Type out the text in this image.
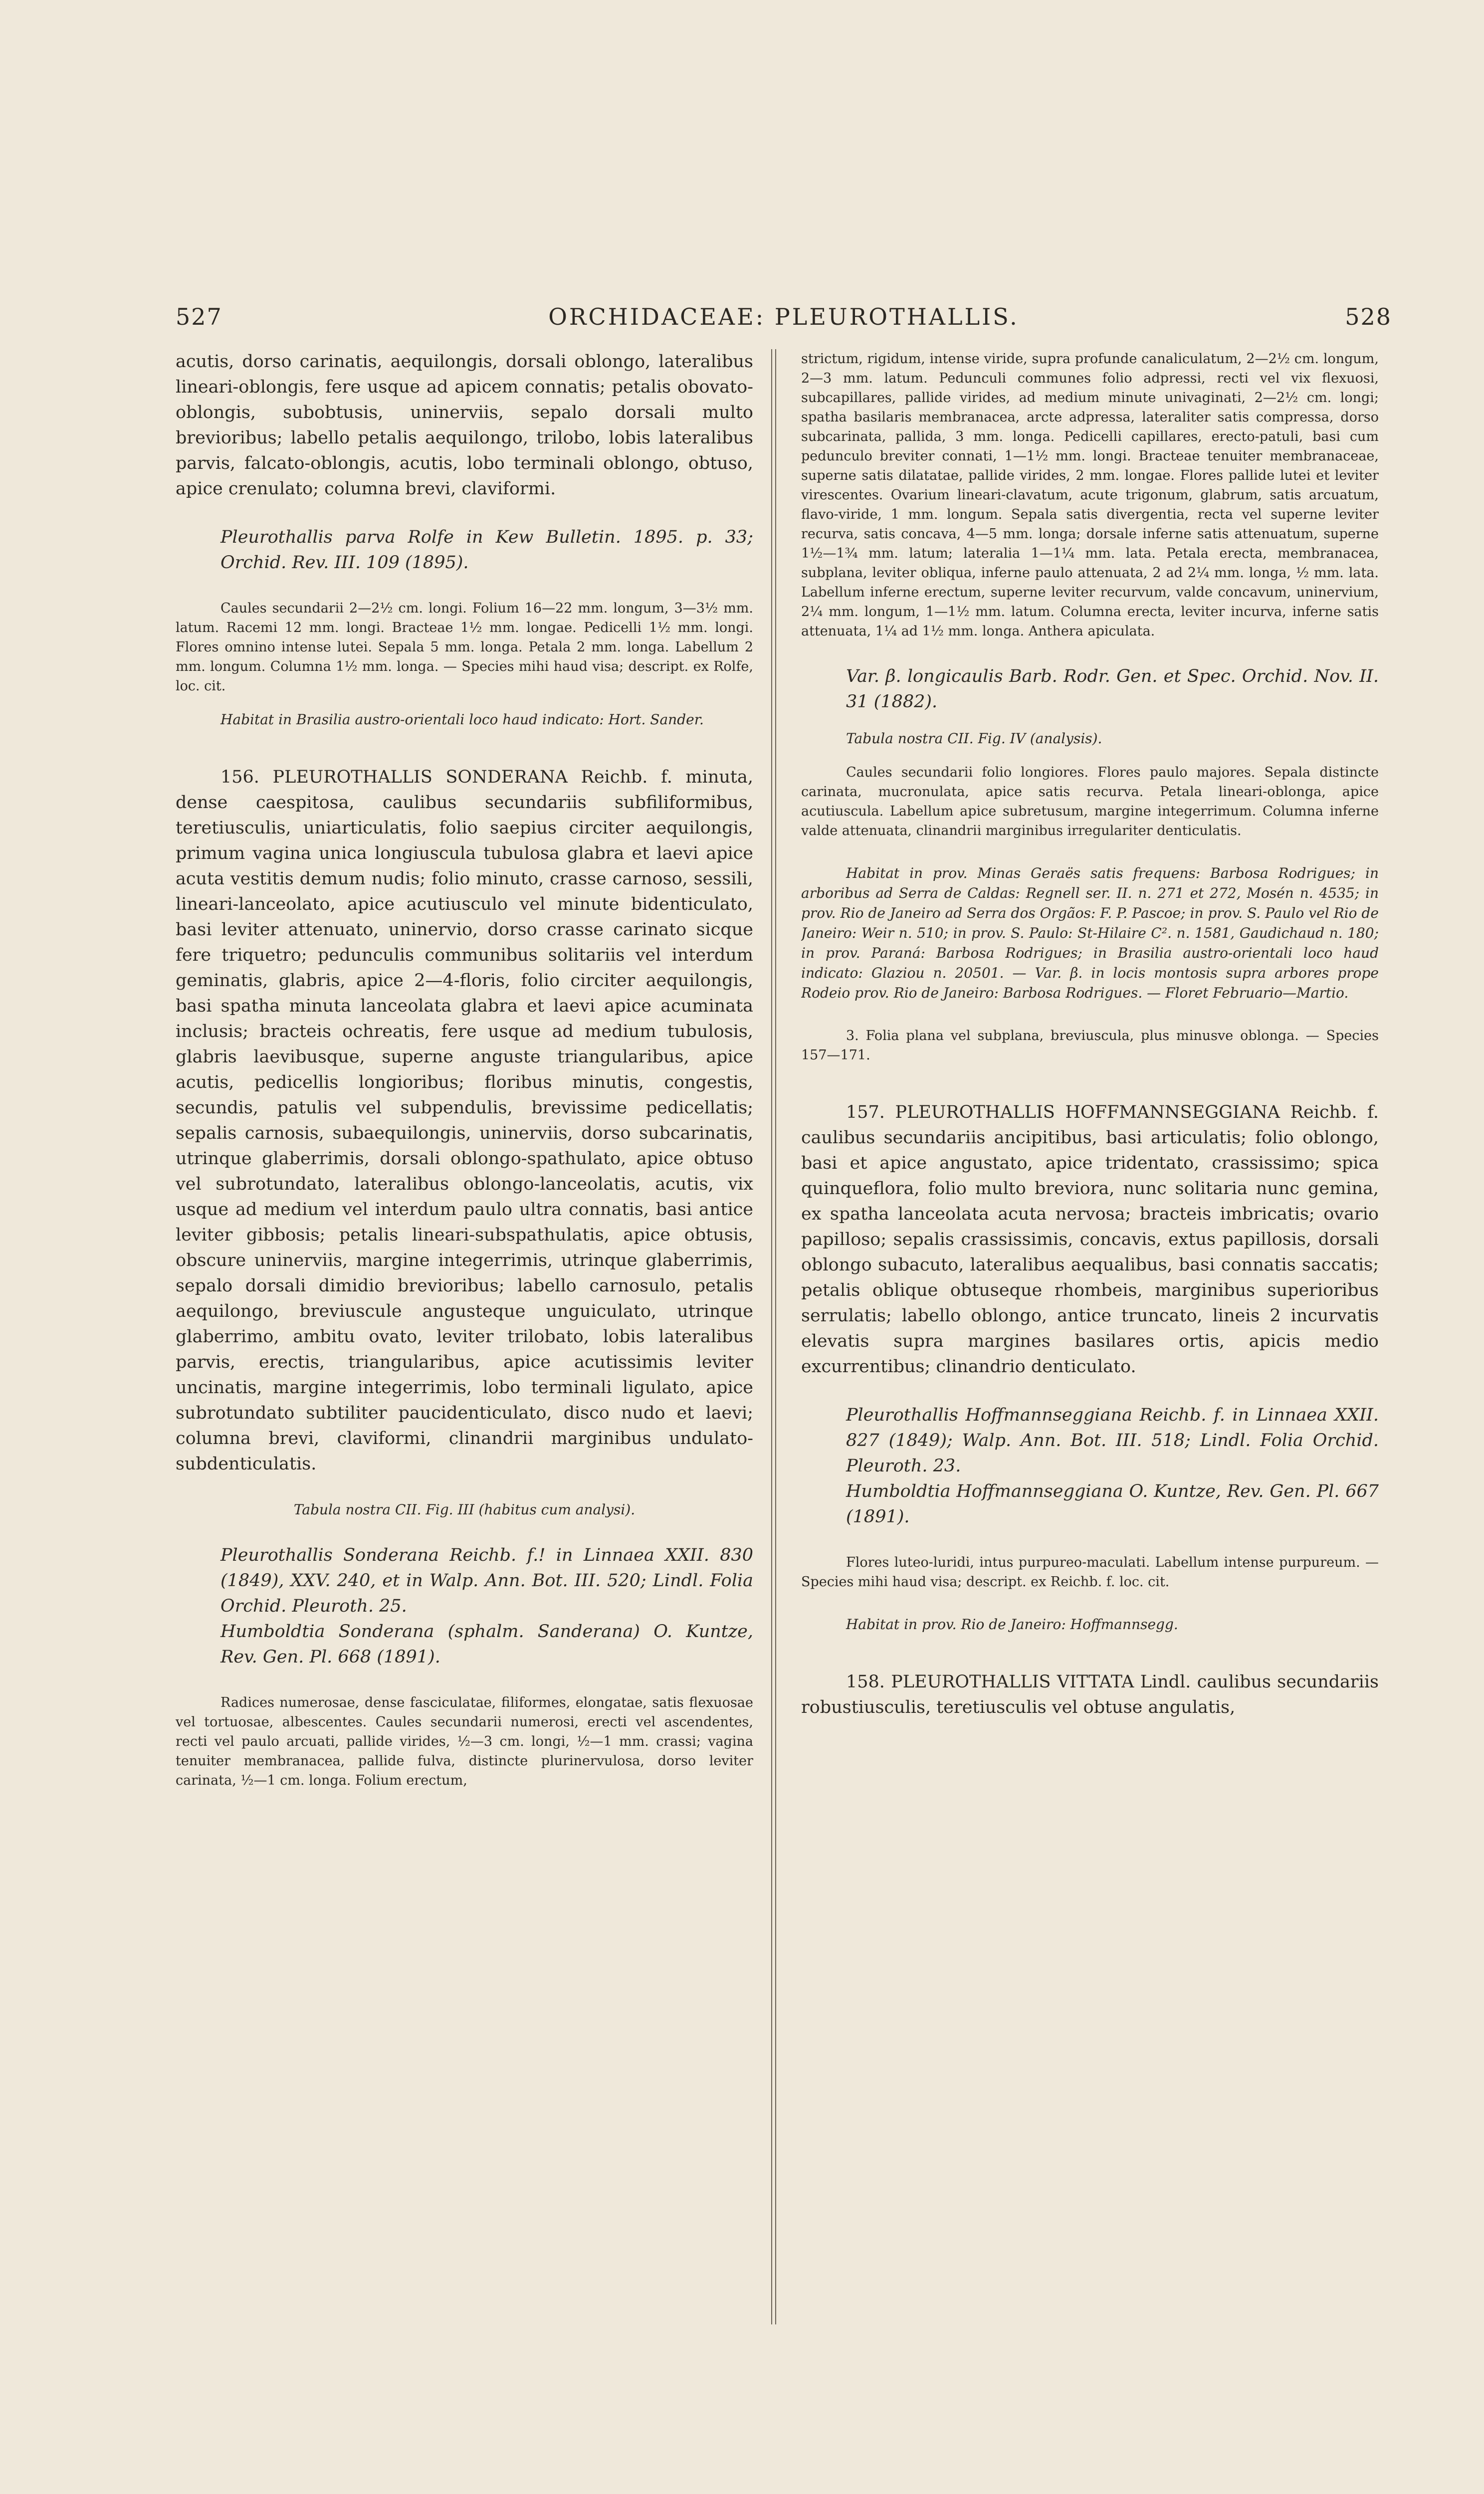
527	ORCHIDACEAE: PLEUROTHALLIS.	528

acutis, dorso carinatis, aequilongis, dorsali oblongo, lateralibus lineari-oblongis, fere usque ad apicem connatis; petalis obovato-oblongis, subobtusis, uninerviis, sepalo dorsali multo brevioribus; labello petalis aequilongo, trilobo, lobis lateralibus parvis, falcato-oblongis, acutis, lobo terminali oblongo, obtuso, apice crenulato; columna brevi, claviformi.

Pleurothallis parva Rolfe in Kew Bulletin. 1895. p. 33; Orchid. Rev. III. 109 (1895).

Caules secundarii 2—2½ cm. longi. Folium 16—22 mm. longum, 3—3½ mm. latum. Racemi 12 mm. longi. Bracteae 1½ mm. longae. Pedicelli 1½ mm. longi. Flores omnino intense lutei. Sepala 5 mm. longa. Petala 2 mm. longa. Labellum 2 mm. longum. Columna 1½ mm. longa. — Species mihi haud visa; descript. ex Rolfe, loc. cit.

Habitat in Brasilia austro-orientali loco haud indicato: Hort. Sander.

156. PLEUROTHALLIS SONDERANA Reichb. f. minuta, dense caespitosa, caulibus secundariis subfiliformibus, teretiusculis, uniarticulatis, folio saepius circiter aequilongis, primum vagina unica longiuscula tubulosa glabra et laevi apice acuta vestitis demum nudis; folio minuto, crasse carnoso, sessili, lineari-lanceolato, apice acutiusculo vel minute bidenticulato, basi leviter attenuato, uninervio, dorso crasse carinato sicque fere triquetro; pedunculis communibus solitariis vel interdum geminatis, glabris, apice 2—4-floris, folio circiter aequilongis, basi spatha minuta lanceolata glabra et laevi apice acuminata inclusis; bracteis ochreatis, fere usque ad medium tubulosis, glabris laevibusque, superne anguste triangularibus, apice acutis, pedicellis longioribus; floribus minutis, congestis, secundis, patulis vel subpendulis, brevissime pedicellatis; sepalis carnosis, subaequilongis, uninerviis, dorso subcarinatis, utrinque glaberrimis, dorsali oblongo-spathulato, apice obtuso vel subrotundato, lateralibus oblongo-lanceolatis, acutis, vix usque ad medium vel interdum paulo ultra connatis, basi antice leviter gibbosis; petalis lineari-subspathulatis, apice obtusis, obscure uninerviis, margine integerrimis, utrinque glaberrimis, sepalo dorsali dimidio brevioribus; labello carnosulo, petalis aequilongo, breviuscule angusteque unguiculato, utrinque glaberrimo, ambitu ovato, leviter trilobato, lobis lateralibus parvis, erectis, triangularibus, apice acutissimis leviter uncinatis, margine integerrimis, lobo terminali ligulato, apice subrotundato subtiliter paucidenticulato, disco nudo et laevi; columna brevi, claviformi, clinandrii marginibus undulato-subdenticulatis.

Tabula nostra CII. Fig. III (habitus cum analysi).

Pleurothallis Sonderana Reichb. f.! in Linnaea XXII. 830 (1849), XXV. 240, et in Walp. Ann. Bot. III. 520; Lindl. Folia Orchid. Pleuroth. 25.

Humboldtia Sonderana (sphalm. Sanderana) O. Kuntze, Rev. Gen. Pl. 668 (1891).

Radices numerosae, dense fasciculatae, filiformes, elongatae, satis flexuosae vel tortuosae, albescentes. Caules secundarii numerosi, erecti vel ascendentes, recti vel paulo arcuati, pallide virides, ½—3 cm. longi, ½—1 mm. crassi; vagina tenuiter membranacea, pallide fulva, distincte plurinervulosa, dorso leviter carinata, ½—1 cm. longa. Folium erectum,

strictum, rigidum, intense viride, supra profunde canaliculatum, 2—2½ cm. longum, 2—3 mm. latum. Pedunculi communes folio adpressi, recti vel vix flexuosi, subcapillares, pallide virides, ad medium minute univaginati, 2—2½ cm. longi; spatha basilaris membranacea, arcte adpressa, lateraliter satis compressa, dorso subcarinata, pallida, 3 mm. longa. Pedicelli capillares, erecto-patuli, basi cum pedunculo breviter connati, 1—1½ mm. longi. Bracteae tenuiter membranaceae, superne satis dilatatae, pallide virides, 2 mm. longae. Flores pallide lutei et leviter virescentes. Ovarium lineari-clavatum, acute trigonum, glabrum, satis arcuatum, flavo-viride, 1 mm. longum. Sepala satis divergentia, recta vel superne leviter recurva, satis concava, 4—5 mm. longa; dorsale inferne satis attenuatum, superne 1½—1¾ mm. latum; lateralia 1—1¼ mm. lata. Petala erecta, membranacea, subplana, leviter obliqua, inferne paulo attenuata, 2 ad 2¼ mm. longa, ½ mm. lata. Labellum inferne erectum, superne leviter recurvum, valde concavum, uninervium, 2¼ mm. longum, 1—1½ mm. latum. Columna erecta, leviter incurva, inferne satis attenuata, 1¼ ad 1½ mm. longa. Anthera apiculata.

Var. β. longicaulis Barb. Rodr. Gen. et Spec. Orchid. Nov. II. 31 (1882).

Tabula nostra CII. Fig. IV (analysis).

Caules secundarii folio longiores. Flores paulo majores. Sepala distincte carinata, mucronulata, apice satis recurva. Petala lineari-oblonga, apice acutiuscula. Labellum apice subretusum, margine integerrimum. Columna inferne valde attenuata, clinandrii marginibus irregulariter denticulatis.

Habitat in prov. Minas Geraës satis frequens: Barbosa Rodrigues; in arboribus ad Serra de Caldas: Regnell ser. II. n. 271 et 272, Mosén n. 4535; in prov. Rio de Janeiro ad Serra dos Orgãos: F. P. Pascoe; in prov. S. Paulo vel Rio de Janeiro: Weir n. 510; in prov. S. Paulo: St-Hilaire C². n. 1581, Gaudichaud n. 180; in prov. Paraná: Barbosa Rodrigues; in Brasilia austro-orientali loco haud indicato: Glaziou n. 20501. — Var. β. in locis montosis supra arbores prope Rodeio prov. Rio de Janeiro: Barbosa Rodrigues. — Floret Februario—Martio.

3. Folia plana vel subplana, breviuscula, plus minusve oblonga. — Species 157—171.

157. PLEUROTHALLIS HOFFMANNSEGGIANA Reichb. f. caulibus secundariis ancipitibus, basi articulatis; folio oblongo, basi et apice angustato, apice tridentato, crassissimo; spica quinqueflora, folio multo breviora, nunc solitaria nunc gemina, ex spatha lanceolata acuta nervosa; bracteis imbricatis; ovario papilloso; sepalis crassissimis, concavis, extus papillosis, dorsali oblongo subacuto, lateralibus aequalibus, basi connatis saccatis; petalis oblique obtuseque rhombeis, marginibus superioribus serrulatis; labello oblongo, antice truncato, lineis 2 incurvatis elevatis supra margines basilares ortis, apicis medio excurrentibus; clinandrio denticulato.

Pleurothallis Hoffmannseggiana Reichb. f. in Linnaea XXII. 827 (1849); Walp. Ann. Bot. III. 518; Lindl. Folia Orchid. Pleuroth. 23.

Humboldtia Hoffmannseggiana O. Kuntze, Rev. Gen. Pl. 667 (1891).

Flores luteo-luridi, intus purpureo-maculati. Labellum intense purpureum. — Species mihi haud visa; descript. ex Reichb. f. loc. cit.

Habitat in prov. Rio de Janeiro: Hoffmannsegg.

158. PLEUROTHALLIS VITTATA Lindl. caulibus secundariis robustiusculis, teretiusculis vel obtuse angulatis,
